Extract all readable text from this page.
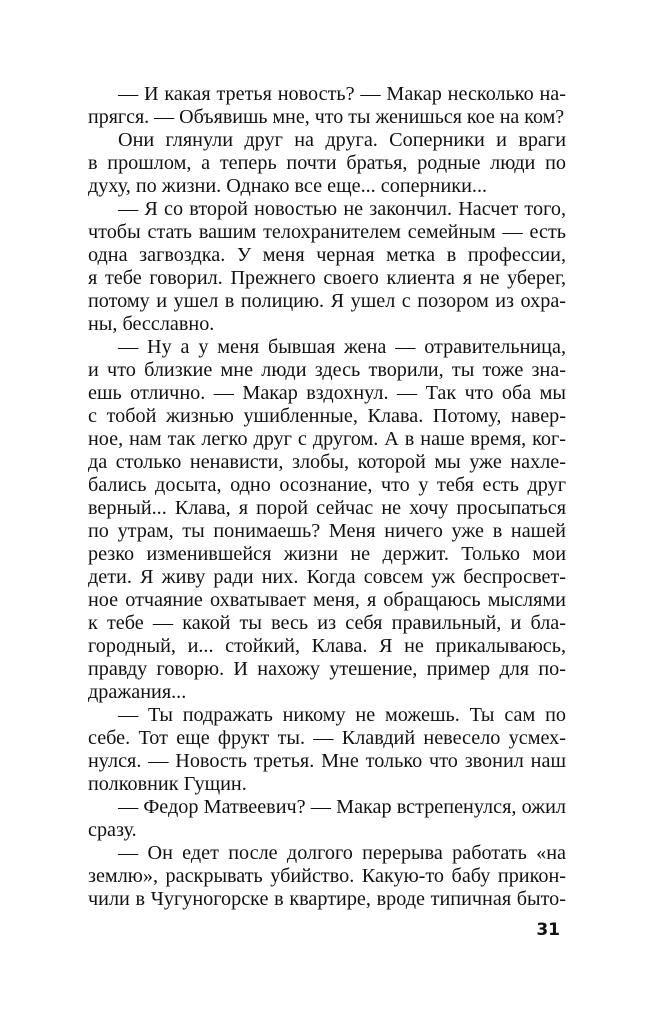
— И какая третья новость? — Макар несколько на-
прягся. — Объявишь мне, что ты женишься кое на ком?
Они глянули друг на друга. Соперники и враги
в прошлом, а теперь почти братья, родные люди по
духу, по жизни. Однако все еще... соперники...
— Я со второй новостью не закончил. Насчет того,
чтобы стать вашим телохранителем семейным — есть
одна загвоздка. У меня черная метка в профессии,
я тебе говорил. Прежнего своего клиента я не уберег,
потому и ушел в полицию. Я ушел с позором из охра-
ны, бесславно.
— Ну а у меня бывшая жена — отравительница,
и что близкие мне люди здесь творили, ты тоже зна-
ешь отлично. — Макар вздохнул. — Так что оба мы
с тобой жизнью ушибленные, Клава. Потому, навер-
ное, нам так легко друг с другом. А в наше время, ког-
да столько ненависти, злобы, которой мы уже нахле-
бались досыта, одно осознание, что у тебя есть друг
верный... Клава, я порой сейчас не хочу просыпаться
по утрам, ты понимаешь? Меня ничего уже в нашей
резко изменившейся жизни не держит. Только мои
дети. Я живу ради них. Когда совсем уж беспросвет-
ное отчаяние охватывает меня, я обращаюсь мыслями
к тебе — какой ты весь из себя правильный, и бла-
городный, и... стойкий, Клава. Я не прикалываюсь,
правду говорю. И нахожу утешение, пример для по-
дражания...
— Ты подражать никому не можешь. Ты сам по
себе. Тот еще фрукт ты. — Клавдий невесело усмех-
нулся. — Новость третья. Мне только что звонил наш
полковник Гущин.
— Федор Матвеевич? — Макар встрепенулся, ожил
сразу.
— Он едет после долгого перерыва работать «на
землю», раскрывать убийство. Какую-то бабу прикон-
чили в Чугуногорске в квартире, вроде типичная быто-
31
